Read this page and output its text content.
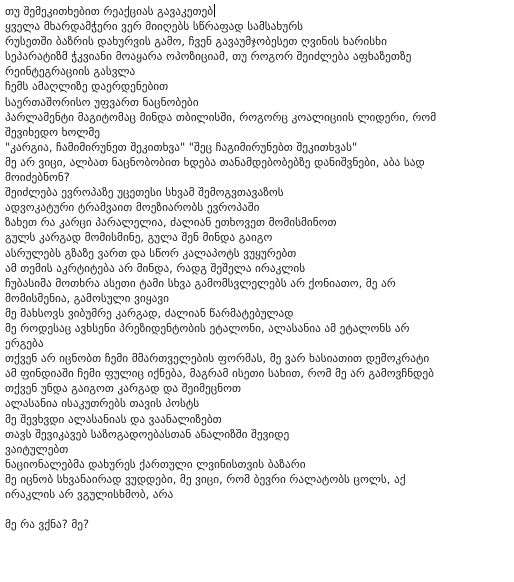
თუ შემეკითხებით რეაქციას გავაკეთებ
ყველა მხარდამჭერი ვერ მიიღებს სწრაფად სამსახურს
რუსეთში ბაზრის დახურვის გამო, ჩვენ გავაუმჯობესეთ ღვინის ხარისხი
სეპარატიზმ ჭკვიანი მოაყარა ოპოზიციამ, თუ როგორ შეიძლება აფხაზეთზე
რეინტეგრაციის გასვლა
ჩემს ამაღლიზე დაერდენებით
საერთაშორისო უფვართ ნაცნობები
პარლამენტი მაგიტომაც მინდა თბილისში, როგორც კოალიციის ლიდერი, რომ
შევიხედო ხოლმე
"კარგია, ჩამიმირუნეთ შეკითხვა" "შეც ჩაგიმირუნებთ შეკითხვას"
მე არ ვიცი, ალბათ ნაცნობობით ხდება თანამდებობებზე დანიშვნები, აბა სად
მოიძებნონ?
შეიძლება ევროპაზე უცეთესი სხვამ შემოგვთავაზოს
ადვოკატური ტრამვაით მოეზიარობს ევროპაში
ზახეთ რა კარცი პარალელია, ძალიან ეთხოვეთ მომისმინოთ
გულს კარგად მომისმინე, გულა შენ მინდა გაიგო
ასრულებს გზაზე ვართ და სწორ კალაპოტს ვუყურებთ
ამ თემის აკრტიტება არ მინდა, რადგ შეშელა ირაკლის
ჩუბასიმა მოთხრა ასეთი ტამი სხვა გამომსვლელებს არ ქონიათო, მე არ
მომისმენია, გამოსული ვიყავი
მე მახსოვს ვიბუმრე კარგად, ძალიან წარმატებულად
მე როდესაც ავხსენი პრეზიდენტობის ეტალონი, ალასანია ამ ეტალონს არ
ერგება
თქვენ არ იცნობთ ჩემი მმართველების ფორმას, მე ვარ ხასიათით დემოკრატი
ამ ფინდიაში ჩემი ფულიც იქნება, მაგრამ ისეთი სახით, რომ მე არ გამოვჩნდებ
თქვენ უნდა გაიგოთ კარგად და შეიმეცნოთ
ალასანია ისაკუთრებს თავის პოსტს
მე შევხვდი ალასანიას და ვაანალიზებთ
თავს შევიკავებ საზოგადოებასთან ანალიზში შევიდე
ვაიტულებთ
ნაციონალებმა დახურეს ქართული ლვინისთვის ბაზარი
მე იცნობ სხვანაირად ვუდდები, მე ვიცი, რომ ბევრი რალატობს ცოლს, აქ
ირაკლის არ ვგულისხმობ, არა
მე რა ვქნა? მე?
